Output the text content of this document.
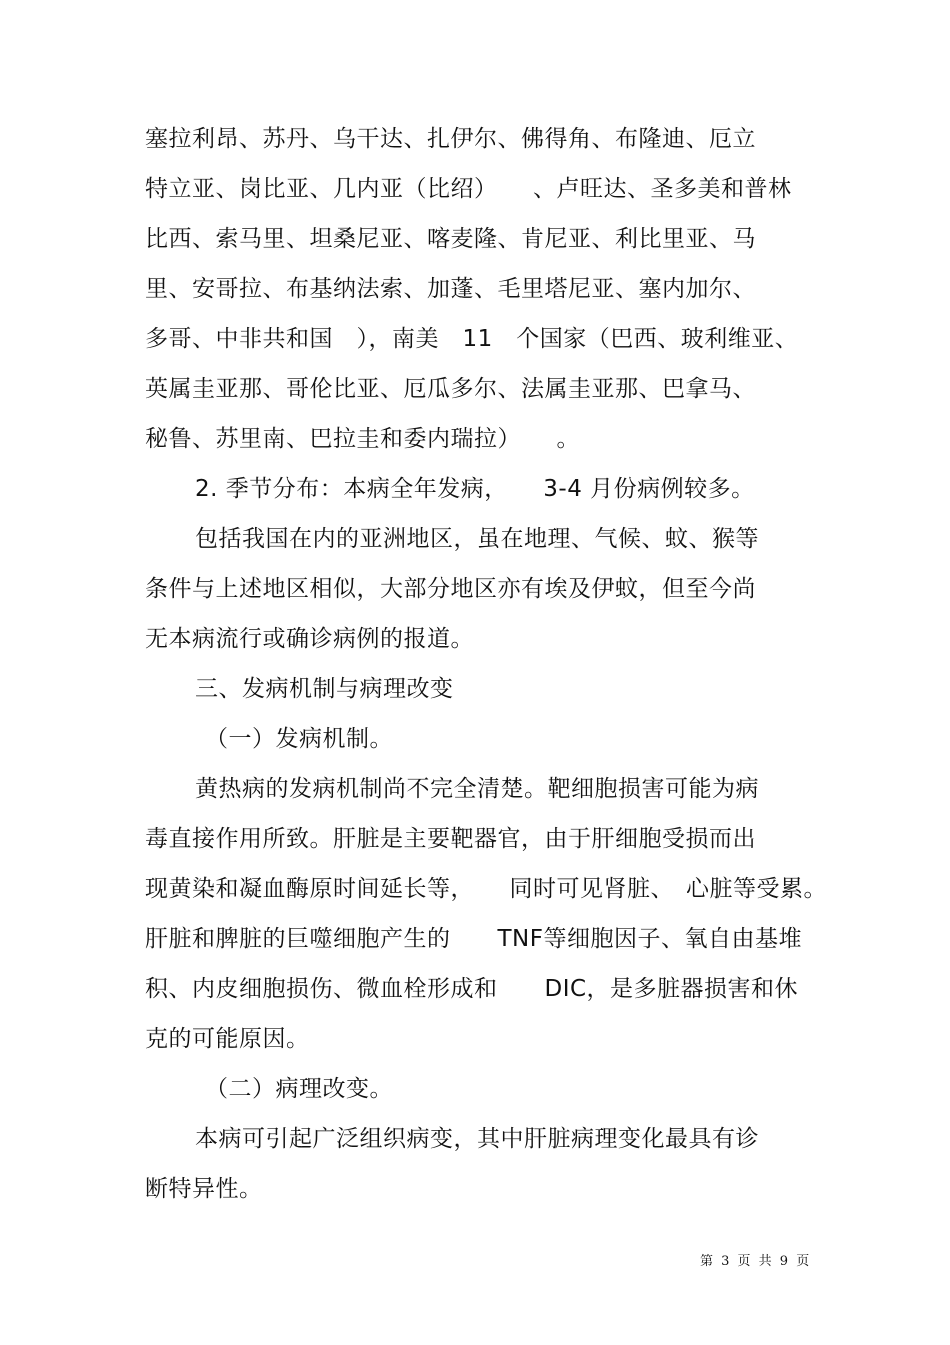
塞拉利昂、苏丹、乌干达、扎伊尔、佛得角、布隆迪、厄立
特立亚、岗比亚、几内亚（比绍）　　、卢旺达、圣多美和普林
比西、索马里、坦桑尼亚、喀麦隆、肯尼亚、利比里亚、马
里、安哥拉、布基纳法索、加蓬、毛里塔尼亚、塞内加尔、
多哥、中非共和国　），南美　11　个国家（巴西、玻利维亚、
英属圭亚那、哥伦比亚、厄瓜多尔、法属圭亚那、巴拿马、
秘鲁、苏里南、巴拉圭和委内瑞拉）　　。
2. 季节分布：本病全年发病，　　3-4 月份病例较多。
包括我国在内的亚洲地区，虽在地理、气候、蚊、猴等
条件与上述地区相似，大部分地区亦有埃及伊蚊，但至今尚
无本病流行或确诊病例的报道。
三、发病机制与病理改变
（一）发病机制。
黄热病的发病机制尚不完全清楚。靶细胞损害可能为病
毒直接作用所致。肝脏是主要靶器官，由于肝细胞受损而出
现黄染和凝血酶原时间延长等，　　同时可见肾脏、　心脏等受累。
肝脏和脾脏的巨噬细胞产生的　　TNF等细胞因子、氧自由基堆
积、内皮细胞损伤、微血栓形成和　　DIC，是多脏器损害和休
克的可能原因。
（二）病理改变。
本病可引起广泛组织病变，其中肝脏病理变化最具有诊
断特异性。
第 3 页 共 9 页
